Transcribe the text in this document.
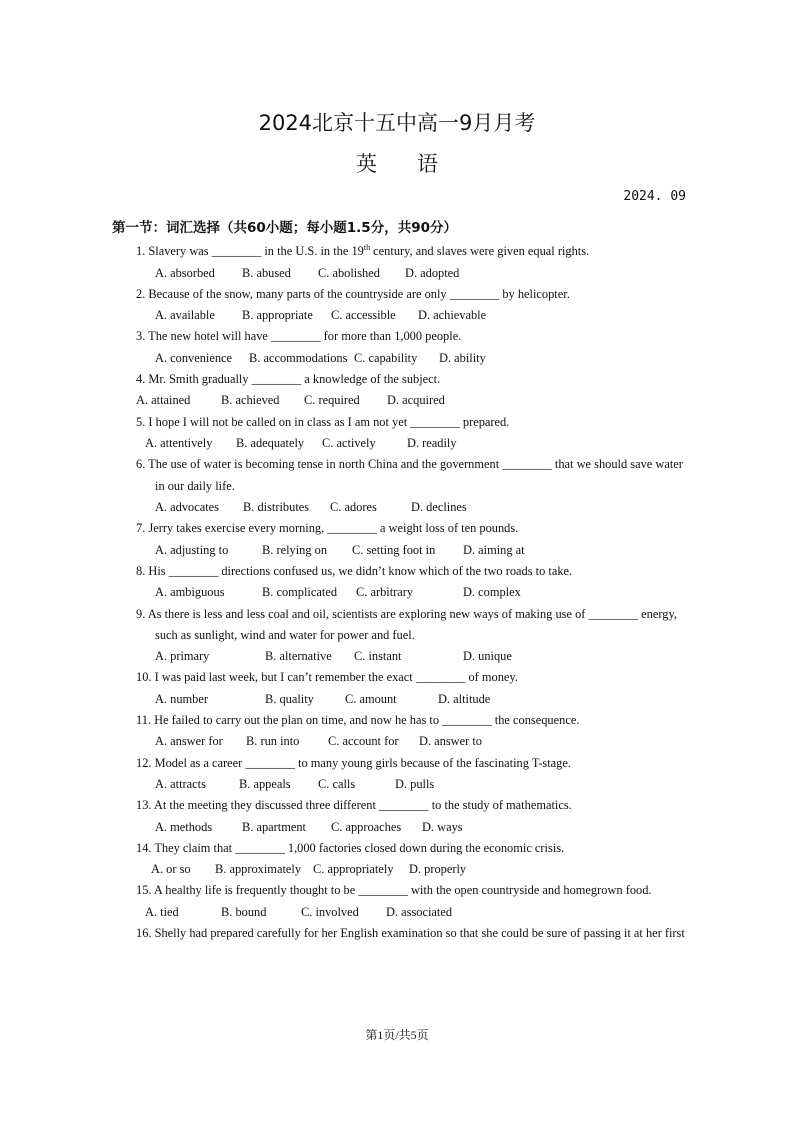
2024北京十五中高一9月月考
英语
2024. 09
第一节：词汇选择（共60小题；每小题1.5分，共90分）
1. Slavery was ________ in the U.S. in the 19th century, and slaves were given equal rights.
A. absorbed B. abused C. abolished D. adopted
2. Because of the snow, many parts of the countryside are only ________ by helicopter.
A. available B. appropriate C. accessible D. achievable
3. The new hotel will have ________ for more than 1,000 people.
A. convenience B. accommodations C. capability D. ability
4. Mr. Smith gradually ________ a knowledge of the subject.
A. attained B. achieved C. required D. acquired
5. I hope I will not be called on in class as I am not yet ________ prepared.
A. attentively B. adequately C. actively	D. readily
6. The use of water is becoming tense in north China and the government ________ that we should save water
in our daily life.
A. advocates B. distributes C. adores	D. declines
7. Jerry takes exercise every morning, ________ a weight loss of ten pounds.
A. adjusting to	B. relying on C. setting foot in D. aiming at
8. His ________ directions confused us, we didn’t know which of the two roads to take.
A. ambiguous	B. complicated C. arbitrary	D. complex
9. As there is less and less coal and oil, scientists are exploring new ways of making use of ________ energy,
such as sunlight, wind and water for power and fuel.
A. primary	B. alternative C. instant	D. unique
10. I was paid last week, but I can’t remember the exact ________ of money.
A. number	B. quality	C. amount	D. altitude
11. He failed to carry out the plan on time, and now he has to ________ the consequence.
A. answer for B. run into C. account for D. answer to
12. Model as a career ________ to many young girls because of the fascinating T-stage.
A. attracts	B. appeals C. calls	D. pulls
13. At the meeting they discussed three different ________ to the study of mathematics.
A. methods B. apartment C. approaches D. ways
14. They claim that ________ 1,000 factories closed down during the economic crisis.
A. or so B. approximately C. appropriately D. properly
15. A healthy life is frequently thought to be ________ with the open countryside and homegrown food.
A. tied	B. bound	C. involved D. associated
16. Shelly had prepared carefully for her English examination so that she could be sure of passing it at her first
第1页/共5页
